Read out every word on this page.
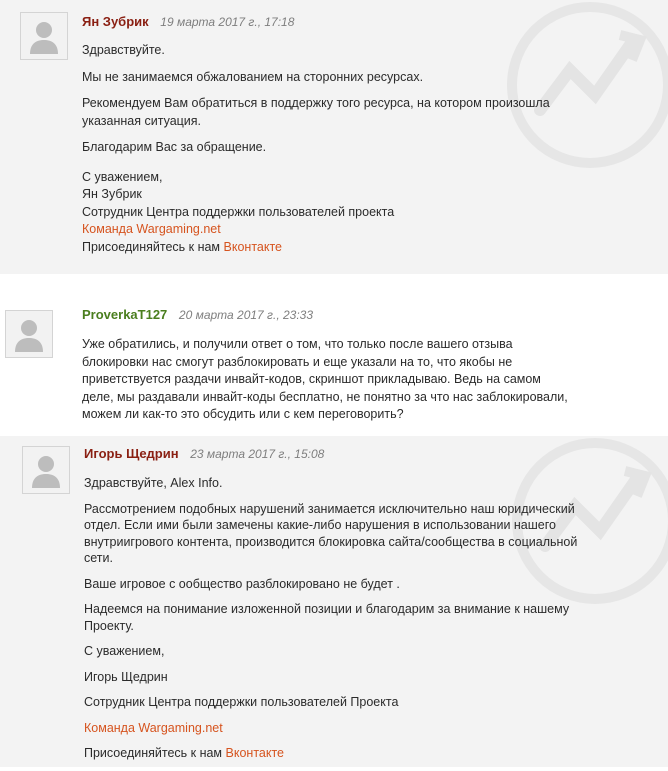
Ян Зубрик 19 марта 2017 г., 17:18
ProverkaT127 20 марта 2017 г., 23:33
Игорь Щедрин 23 марта 2017 г., 15:08

Здравствуйте.

Мы не занимаемся обжалованием на сторонних ресурсах.

Рекомендуем Вам обратиться в поддержку того ресурса, на котором произошла указанная ситуация.

Благодарим Вас за обращение.

С уважением,
Ян Зубрик
Сотрудник Центра поддержки пользователей проекта
Команда Wargaming.net
Присоединяйтесь к нам Вконтакте

Уже обратились, и получили ответ о том, что только после вашего отзыва блокировки нас смогут разблокировать и еще указали на то, что якобы не приветствуется раздачи инвайт-кодов, скриншот прикладываю. Ведь на самом деле, мы раздавали инвайт-коды бесплатно, не понятно за что нас заблокировали, можем ли как-то это обсудить или с кем переговорить?

Здравствуйте, Alex Info.

Рассмотрением подобных нарушений занимается исключительно наш юридический отдел. Если ими были замечены какие-либо нарушения в использовании нашего внутриигрового контента, производится блокировка сайта/сообщества в социальной сети.

Ваше игровое с ообщество разблокировано не будет .

Надеемся на понимание изложенной позиции и благодарим за внимание к нашему Проекту.

С уважением,

Игорь Щедрин

Сотрудник Центра поддержки пользователей Проекта

Команда Wargaming.net

Присоединяйтесь к нам Вконтакте
